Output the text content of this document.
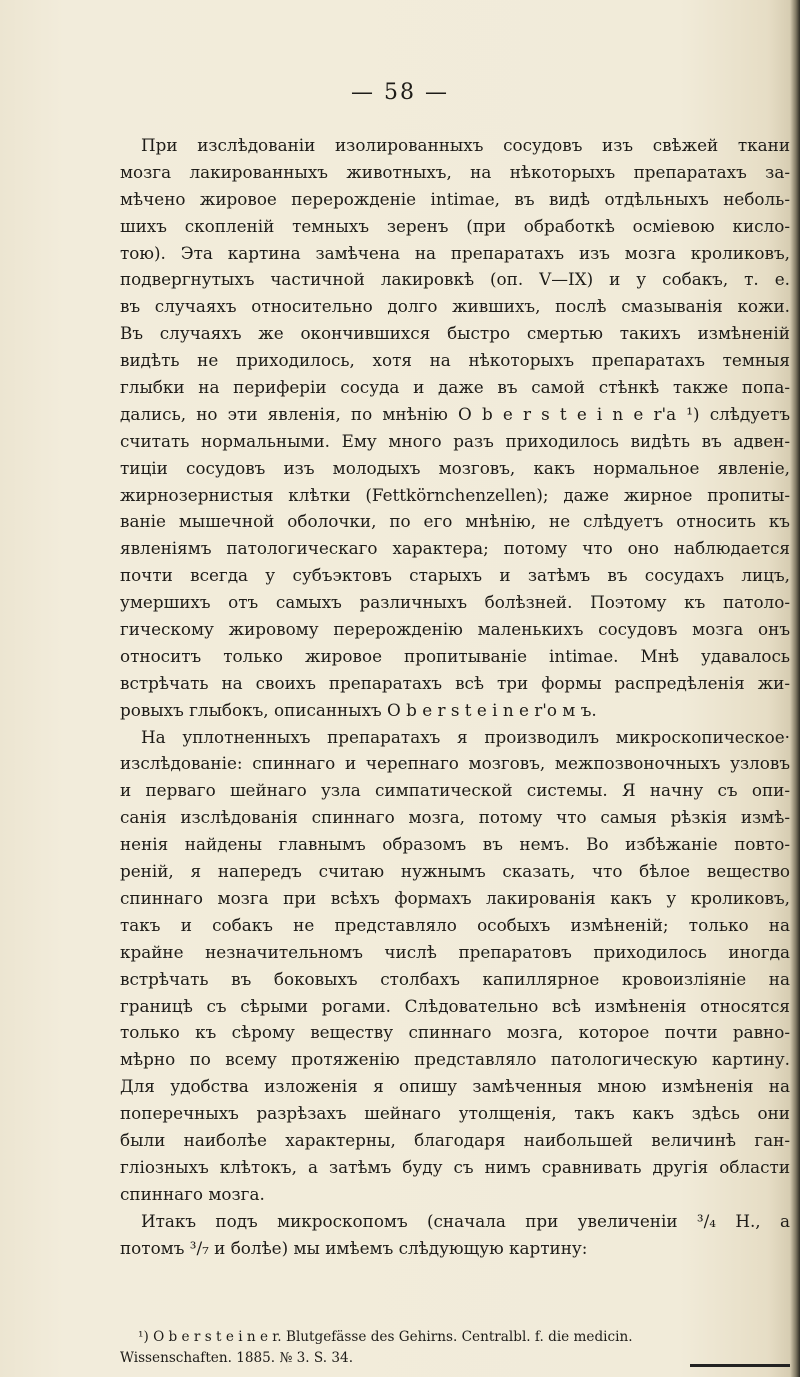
— 58 —
При изслѣдованіи изолированныхъ сосудовъ изъ свѣжей ткани
мозга лакированныхъ животныхъ, на нѣкоторыхъ препаратахъ за-
мѣчено жировое перерожденіе intimae, въ видѣ отдѣльныхъ неболь-
шихъ скопленій темныхъ зеренъ (при обработкѣ осміевою кисло-
тою). Эта картина замѣчена на препаратахъ изъ мозга кроликовъ,
подвергнутыхъ частичной лакировкѣ (оп. V—IX) и у собакъ, т. е.
въ случаяхъ относительно долго жившихъ, послѣ смазыванія кожи.
Въ случаяхъ же окончившихся быстро смертью такихъ измѣненій
видѣть не приходилось, хотя на нѣкоторыхъ препаратахъ темныя
глыбки на периферіи сосуда и даже въ самой стѣнкѣ также попа-
дались, но эти явленія, по мнѣнію O b e r s t e i n e r'a ¹) слѣдуетъ
считать нормальными. Ему много разъ приходилось видѣть въ адвен-
тиціи сосудовъ изъ молодыхъ мозговъ, какъ нормальное явленіе,
жирнозернистыя клѣтки (Fettkörnchenzellen); даже жирное пропиты-
ваніе мышечной оболочки, по его мнѣнію, не слѣдуетъ относить къ
явленіямъ патологическаго характера; потому что оно наблюдается
почти всегда у субъэктовъ старыхъ и затѣмъ въ сосудахъ лицъ,
умершихъ отъ самыхъ различныхъ болѣзней. Поэтому къ патоло-
гическому жировому перерожденію маленькихъ сосудовъ мозга онъ
относитъ только жировое пропитываніе intimae. Мнѣ удавалось
встрѣчать на своихъ препаратахъ всѣ три формы распредѣленія жи-
ровыхъ глыбокъ, описанныхъ O b e r s t e i n e r'о м ъ.
На уплотненныхъ препаратахъ я производилъ микроскопическое·
изслѣдованіе: спиннаго и черепнаго мозговъ, межпозвоночныхъ узловъ
и перваго шейнаго узла симпатической системы. Я начну съ опи-
санія изслѣдованія спиннаго мозга, потому что самыя рѣзкія измѣ-
ненія найдены главнымъ образомъ въ немъ. Во избѣжаніе повто-
реній, я напередъ считаю нужнымъ сказать, что бѣлое вещество
спиннаго мозга при всѣхъ формахъ лакированія какъ у кроликовъ,
такъ и собакъ не представляло особыхъ измѣненій; только на
крайне незначительномъ числѣ препаратовъ приходилось иногда
встрѣчать въ боковыхъ столбахъ капиллярное кровоизліяніе на
границѣ съ сѣрыми рогами. Слѣдовательно всѣ измѣненія относятся
только къ сѣрому веществу спиннаго мозга, которое почти равно-
мѣрно по всему протяженію представляло патологическую картину.
Для удобства изложенія я опишу замѣченныя мною измѣненія на
поперечныхъ разрѣзахъ шейнаго утолщенія, такъ какъ здѣсь они
были наиболѣе характерны, благодаря наибольшей величинѣ ган-
гліозныхъ клѣтокъ, а затѣмъ буду съ нимъ сравнивать другія области
спиннаго мозга.
Итакъ подъ микроскопомъ (сначала при увеличеніи ³/₄ Н., а
потомъ ³/₇ и болѣе) мы имѣемъ слѣдующую картину:
¹) O b e r s t e i n e r. Blutgefässe des Gehirns. Centralbl. f. die medicin.
Wissenschaften. 1885. № 3. S. 34.
